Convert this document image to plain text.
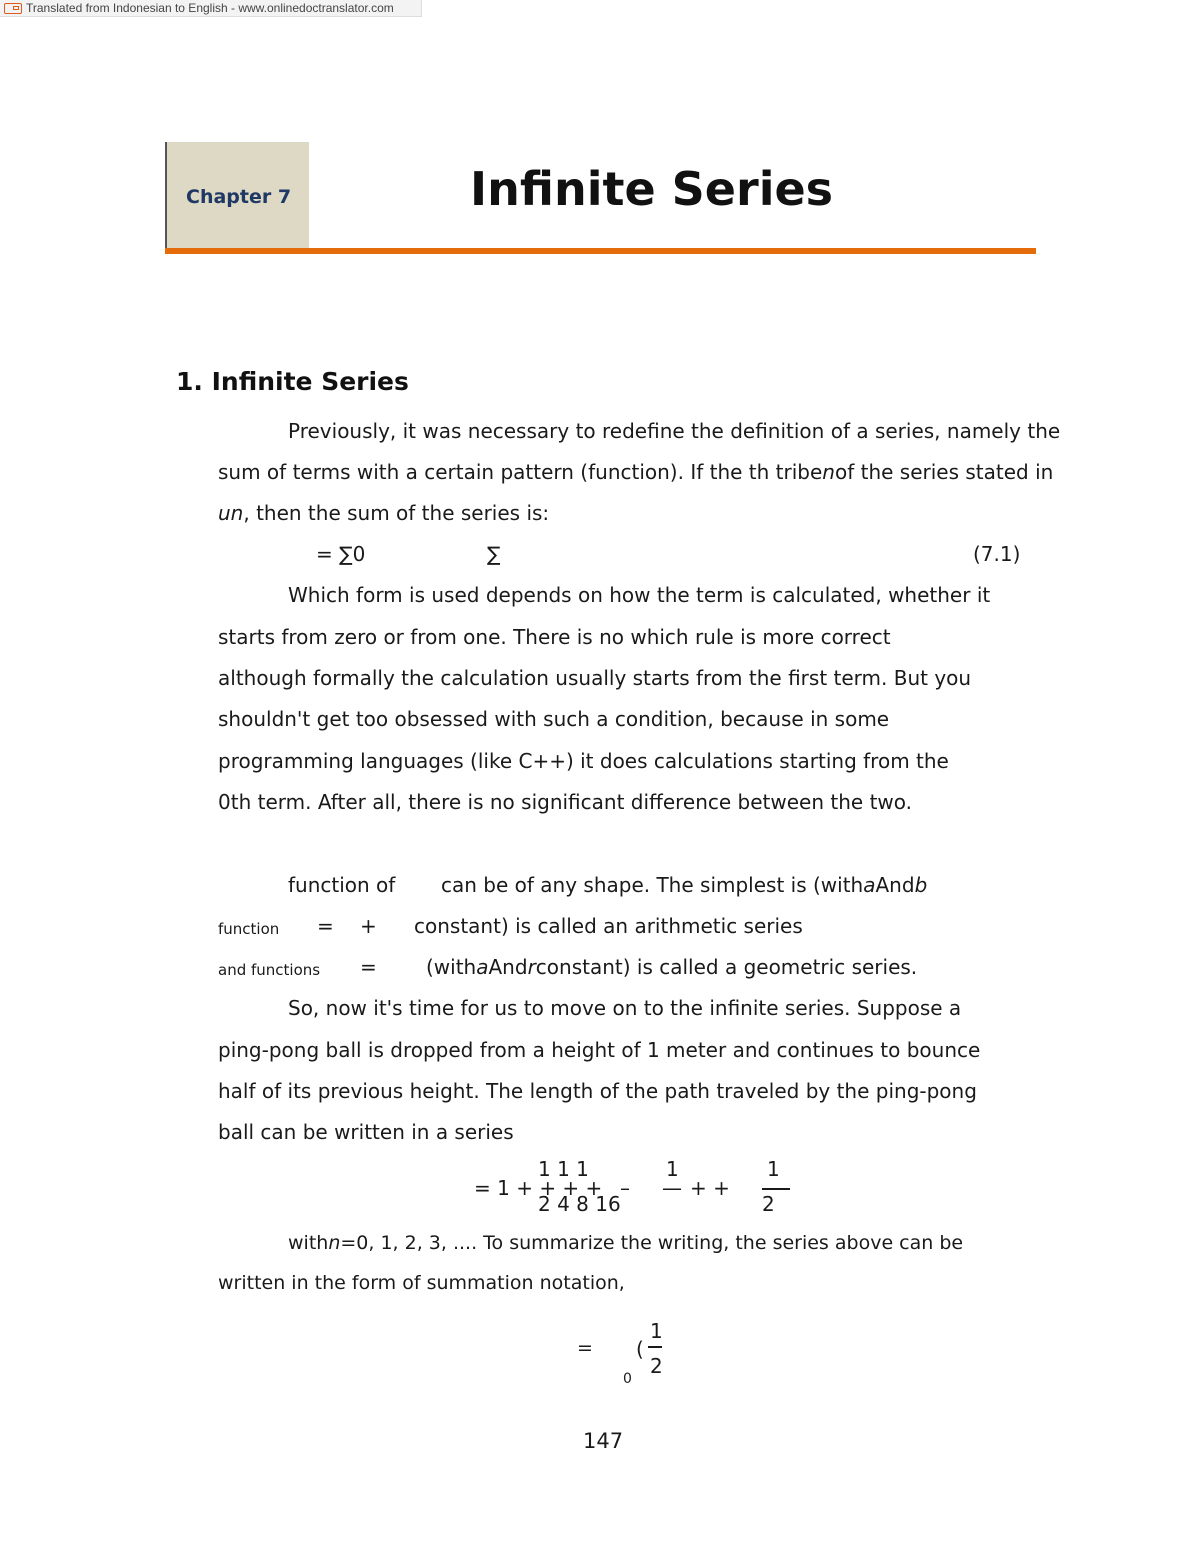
Translated from Indonesian to English - www.onlinedoctranslator.com
Chapter 7	Infinite Series
1. Infinite Series
Previously, it was necessary to redefine the definition of a series, namely the
sum of terms with a certain pattern (function). If the th tribenof the series stated in
un, then the sum of the series is:
= ∑0	∑	(7.1)
Which form is used depends on how the term is calculated, whether it
starts from zero or from one. There is no which rule is more correct
although formally the calculation usually starts from the first term. But you
shouldn't get too obsessed with such a condition, because in some
programming languages (like C++) it does calculations starting from the
0th term. After all, there is no significant difference between the two.
function of can be of any shape. The simplest is (withaAndb
function = + constant) is called an arithmetic series
and functions = (withaAndrconstant) is called a geometric series.
So, now it's time for us to move on to the infinite series. Suppose a
ping-pong ball is dropped from a height of 1 meter and continues to bounce
half of its previous height. The length of the path traveled by the ping-pong
ball can be written in a series
1 1 1	1	1
= 1 + + + + – — + +
2 4 8 16	2
withn=0, 1, 2, 3, .... To summarize the writing, the series above can be
written in the form of summation notation,
= (
1
2
0
147
